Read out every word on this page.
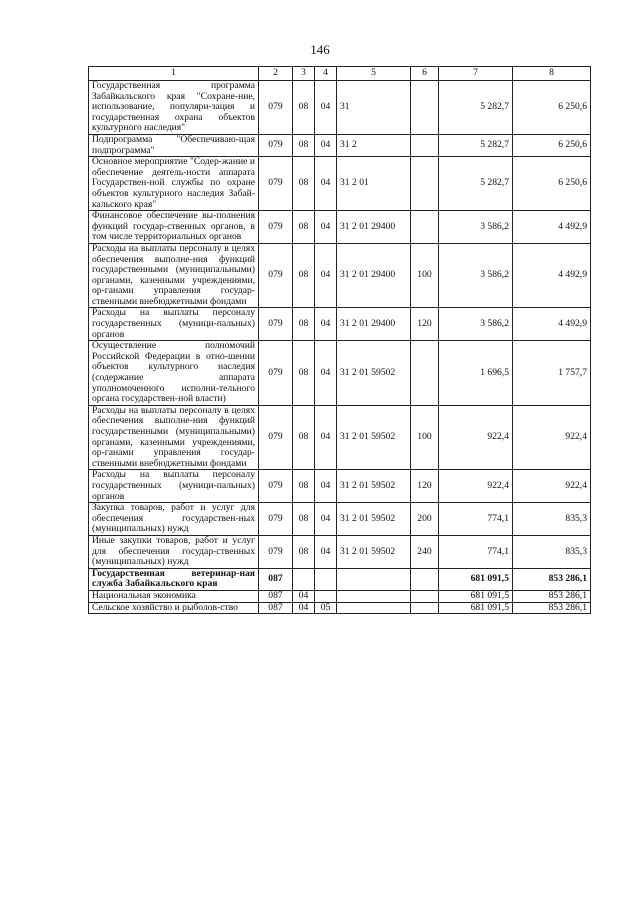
146
1	2	3	4	5	6	7	8
Государственная программа Забайкальского края "Сохране-ние, использование, популяри-зация и государственная охрана объектов культурного наследия"	079	08	04	31		5 282,7	6 250,6
Подпрограмма "Обеспечиваю-щая подпрограмма"	079	08	04	31 2		5 282,7	6 250,6
Основное мероприятие "Содер-жание и обеспечение деятель-ности аппарата Государствен-ной службы по охране объектов культурного наследия Забай-кальского края"	079	08	04	31 2 01		5 282,7	6 250,6
Финансовое обеспечение вы-полнения функций государ-ственных органов, в том числе территориальных органов	079	08	04	31 2 01 29400		3 586,2	4 492,9
Расходы на выплаты персоналу в целях обеспечения выполне-ния функций государственными (муниципальными) органами, казенными учреждениями, ор-ганами управления государ-ственными внебюджетными фондами	079	08	04	31 2 01 29400	100	3 586,2	4 492,9
Расходы на выплаты персоналу государственных (муници-пальных) органов	079	08	04	31 2 01 29400	120	3 586,2	4 492,9
Осуществление полномочий Российской Федерации в отно-шении объектов культурного наследия (содержание аппарата уполномоченного исполни-тельного органа государствен-ной власти)	079	08	04	31 2 01 59502		1 696,5	1 757,7
Расходы на выплаты персоналу в целях обеспечения выполне-ния функций государственными (муниципальными) органами, казенными учреждениями, ор-ганами управления государ-ственными внебюджетными фондами	079	08	04	31 2 01 59502	100	922,4	922,4
Расходы на выплаты персоналу государственных (муници-пальных) органов	079	08	04	31 2 01 59502	120	922,4	922,4
Закупка товаров, работ и услуг для обеспечения государствен-ных (муниципальных) нужд	079	08	04	31 2 01 59502	200	774,1	835,3
Иные закупки товаров, работ и услуг для обеспечения государ-ственных (муниципальных) нужд	079	08	04	31 2 01 59502	240	774,1	835,3
Государственная ветеринар-ная служба Забайкальского края	087					681 091,5	853 286,1
Национальная экономика	087	04				681 091,5	853 286,1
Сельское хозяйство и рыболов-ство	087	04	05			681 091,5	853 286,1
